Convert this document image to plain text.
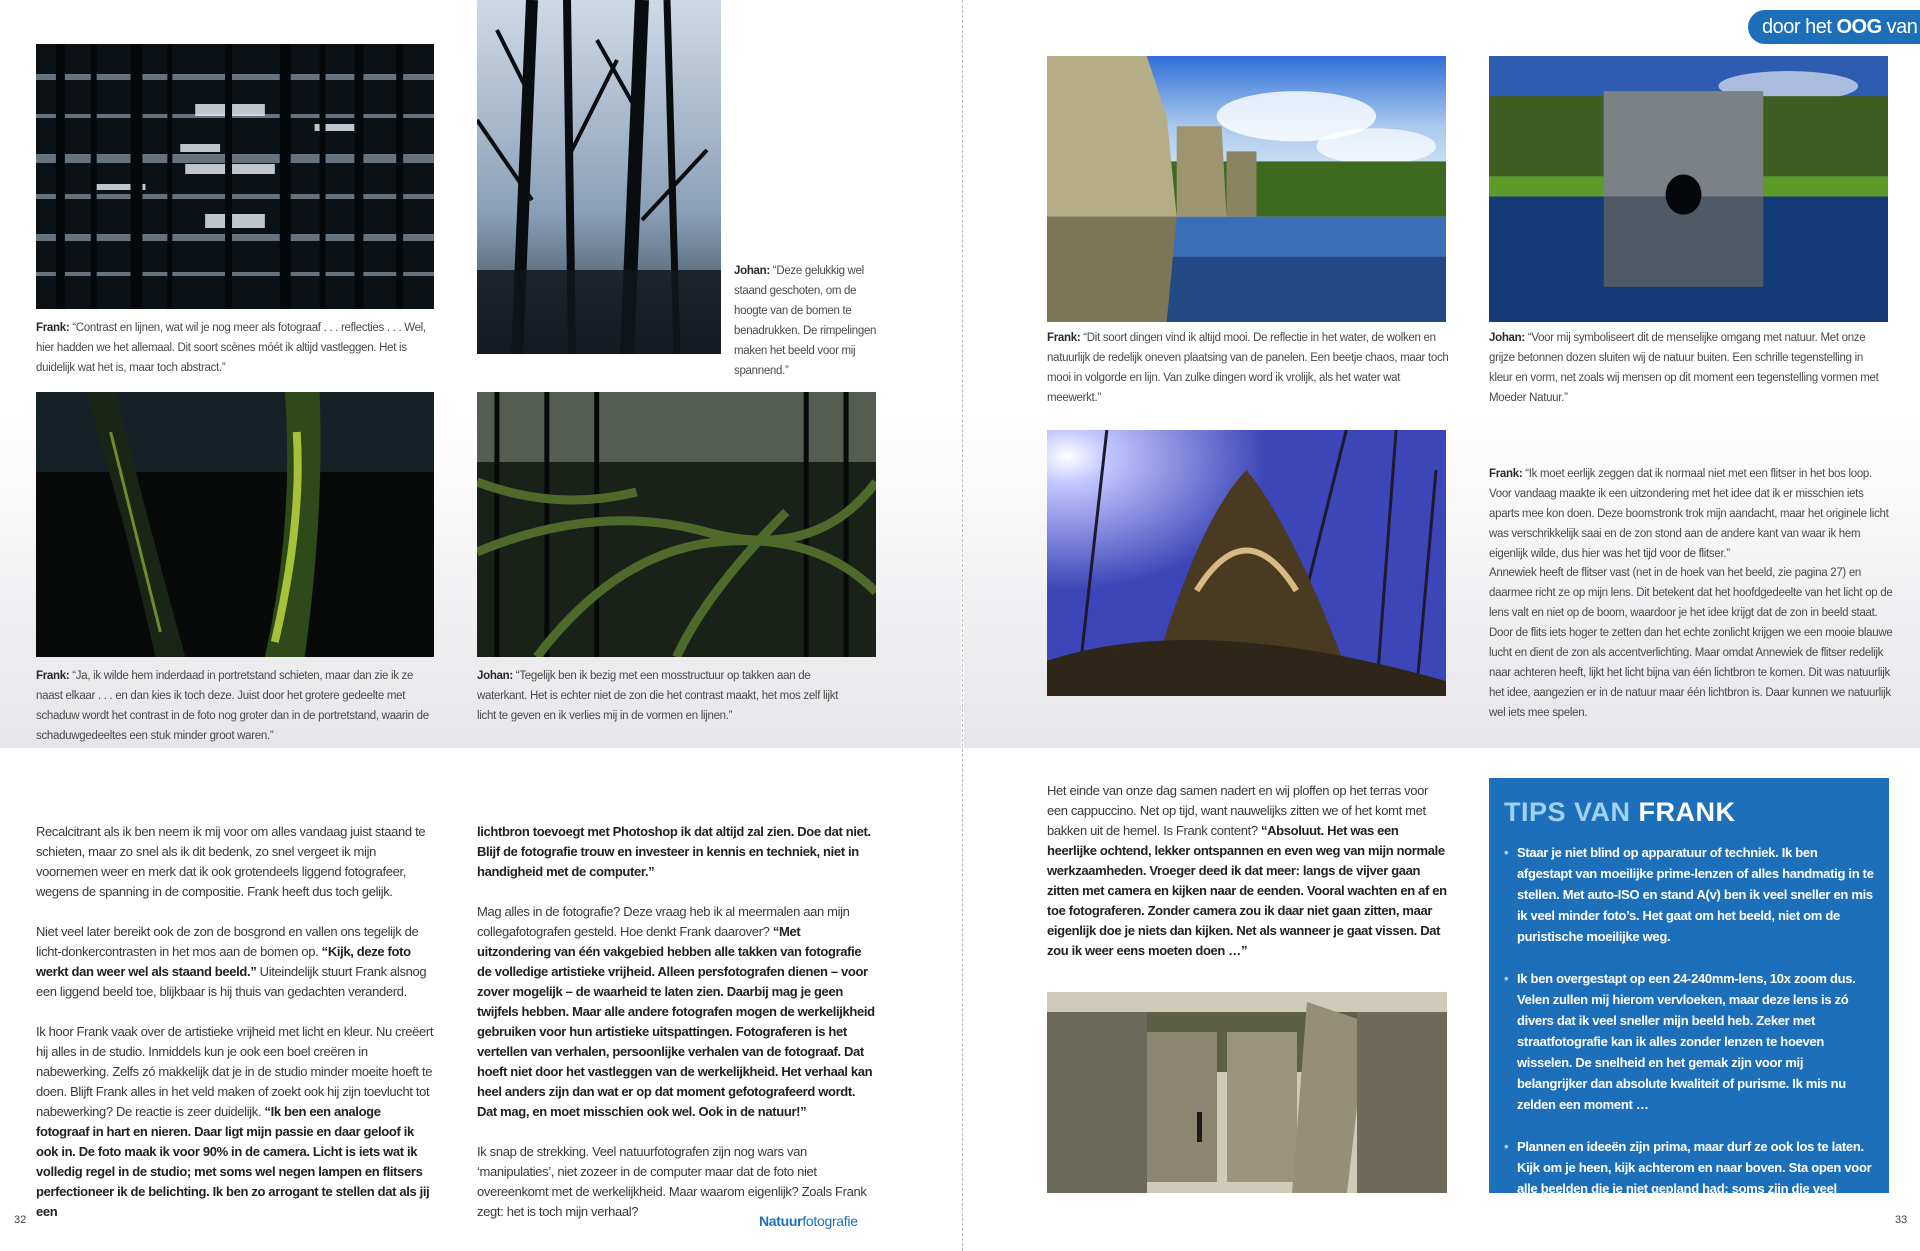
door het OOG van
Frank: “Contrast en lijnen, wat wil je nog meer als fotograaf . . . reflecties . . . Wel, hier hadden we het allemaal. Dit soort scènes móét ik altijd vastleggen. Het is duidelijk wat het is, maar toch abstract.”
Johan: “Deze gelukkig wel staand geschoten, om de hoogte van de bomen te benadrukken. De rimpelingen maken het beeld voor mij spannend.”
Frank: “Ja, ik wilde hem inderdaad in portretstand schieten, maar dan zie ik ze naast elkaar . . . en dan kies ik toch deze. Juist door het grotere gedeelte met schaduw wordt het contrast in de foto nog groter dan in de portretstand, waarin de schaduwgedeeltes een stuk minder groot waren.”
Johan: “Tegelijk ben ik bezig met een mosstructuur op takken aan de waterkant. Het is echter niet de zon die het contrast maakt, het mos zelf lijkt licht te geven en ik verlies mij in de vormen en lijnen.”
Frank: “Dit soort dingen vind ik altijd mooi. De reflectie in het water, de wolken en natuurlijk de redelijk oneven plaatsing van de panelen. Een beetje chaos, maar toch mooi in volgorde en lijn. Van zulke dingen word ik vrolijk, als het water wat meewerkt.”
Johan: “Voor mij symboliseert dit de menselijke omgang met natuur. Met onze grijze betonnen dozen sluiten wij de natuur buiten. Een schrille tegenstelling in kleur en vorm, net zoals wij mensen op dit moment een tegenstelling vormen met Moeder Natuur.”
Frank: “Ik moet eerlijk zeggen dat ik normaal niet met een flitser in het bos loop. Voor vandaag maakte ik een uitzondering met het idee dat ik er misschien iets aparts mee kon doen. Deze boomstronk trok mijn aandacht, maar het originele licht was verschrikkelijk saai en de zon stond aan de andere kant van waar ik hem eigenlijk wilde, dus hier was het tijd voor de flitser.”
Annewiek heeft de flitser vast (net in de hoek van het beeld, zie pagina 27) en daarmee richt ze op mijn lens. Dit betekent dat het hoofdgedeelte van het licht op de lens valt en niet op de boom, waardoor je het idee krijgt dat de zon in beeld staat. Door de flits iets hoger te zetten dan het echte zonlicht krijgen we een mooie blauwe lucht en dient de zon als accentverlichting. Maar omdat Annewiek de flitser redelijk naar achteren heeft, lijkt het licht bijna van één lichtbron te komen. Dit was natuurlijk het idee, aangezien er in de natuur maar één lichtbron is. Daar kunnen we natuurlijk wel iets mee spelen.

Recalcitrant als ik ben neem ik mij voor om alles vandaag juist staand te schieten, maar zo snel als ik dit bedenk, zo snel vergeet ik mijn voornemen weer en merk dat ik ook grotendeels liggend fotografeer, wegens de spanning in de compositie. Frank heeft dus toch gelijk.

Niet veel later bereikt ook de zon de bosgrond en vallen ons tegelijk de licht-donkercontrasten in het mos aan de bomen op. “Kijk, deze foto werkt dan weer wel als staand beeld.” Uiteindelijk stuurt Frank alsnog een liggend beeld toe, blijkbaar is hij thuis van gedachten veranderd.

Ik hoor Frank vaak over de artistieke vrijheid met licht en kleur. Nu creëert hij alles in de studio. Inmiddels kun je ook een boel creëren in nabewerking. Zelfs zó makkelijk dat je in de studio minder moeite hoeft te doen. Blijft Frank alles in het veld maken of zoekt ook hij zijn toevlucht tot nabewerking? De reactie is zeer duidelijk. “Ik ben een analoge fotograaf in hart en nieren. Daar ligt mijn passie en daar geloof ik ook in. De foto maak ik voor 90% in de camera. Licht is iets wat ik volledig regel in de studio; met soms wel negen lampen en flitsers perfectioneer ik de belichting. Ik ben zo arrogant te stellen dat als jij een

lichtbron toevoegt met Photoshop ik dat altijd zal zien. Doe dat niet. Blijf de fotografie trouw en investeer in kennis en techniek, niet in handigheid met de computer.”

Mag alles in de fotografie? Deze vraag heb ik al meermalen aan mijn collegafotografen gesteld. Hoe denkt Frank daarover? “Met uitzondering van één vakgebied hebben alle takken van fotografie de volledige artistieke vrijheid. Alleen persfotografen dienen – voor zover mogelijk – de waarheid te laten zien. Daarbij mag je geen twijfels hebben. Maar alle andere fotografen mogen de werkelijkheid gebruiken voor hun artistieke uitspattingen. Fotograferen is het vertellen van verhalen, persoonlijke verhalen van de fotograaf. Dat hoeft niet door het vastleggen van de werkelijkheid. Het verhaal kan heel anders zijn dan wat er op dat moment gefotografeerd wordt. Dat mag, en moet misschien ook wel. Ook in de natuur!”

Ik snap de strekking. Veel natuurfotografen zijn nog wars van ‘manipulaties’, niet zozeer in de computer maar dat de foto niet overeenkomt met de werkelijkheid. Maar waarom eigenlijk? Zoals Frank zegt: het is toch mijn verhaal?

Het einde van onze dag samen nadert en wij ploffen op het terras voor een cappuccino. Net op tijd, want nauwelijks zitten we of het komt met bakken uit de hemel. Is Frank content? “Absoluut. Het was een heerlijke ochtend, lekker ontspannen en even weg van mijn normale werkzaamheden. Vroeger deed ik dat meer: langs de vijver gaan zitten met camera en kijken naar de eenden. Vooral wachten en af en toe fotograferen. Zonder camera zou ik daar niet gaan zitten, maar eigenlijk doe je niets dan kijken. Net als wanneer je gaat vissen. Dat zou ik weer eens moeten doen …”

TIPS VAN FRANK
• Staar je niet blind op apparatuur of techniek. Ik ben afgestapt van moeilijke prime-lenzen of alles handmatig in te stellen. Met auto-ISO en stand A(v) ben ik veel sneller en mis ik veel minder foto’s. Het gaat om het beeld, niet om de puristische moeilijke weg.
• Ik ben overgestapt op een 24-240mm-lens, 10x zoom dus. Velen zullen mij hierom vervloeken, maar deze lens is zó divers dat ik veel sneller mijn beeld heb. Zeker met straatfotografie kan ik alles zonder lenzen te hoeven wisselen. De snelheid en het gemak zijn voor mij belangrijker dan absolute kwaliteit of purisme. Ik mis nu zelden een moment …
• Plannen en ideeën zijn prima, maar durf ze ook los te laten. Kijk om je heen, kijk achterom en naar boven. Sta open voor alle beelden die je niet gepland had; soms zijn die veel mooier dan wat je had willen doen …
32	Natuurfotografie	33
